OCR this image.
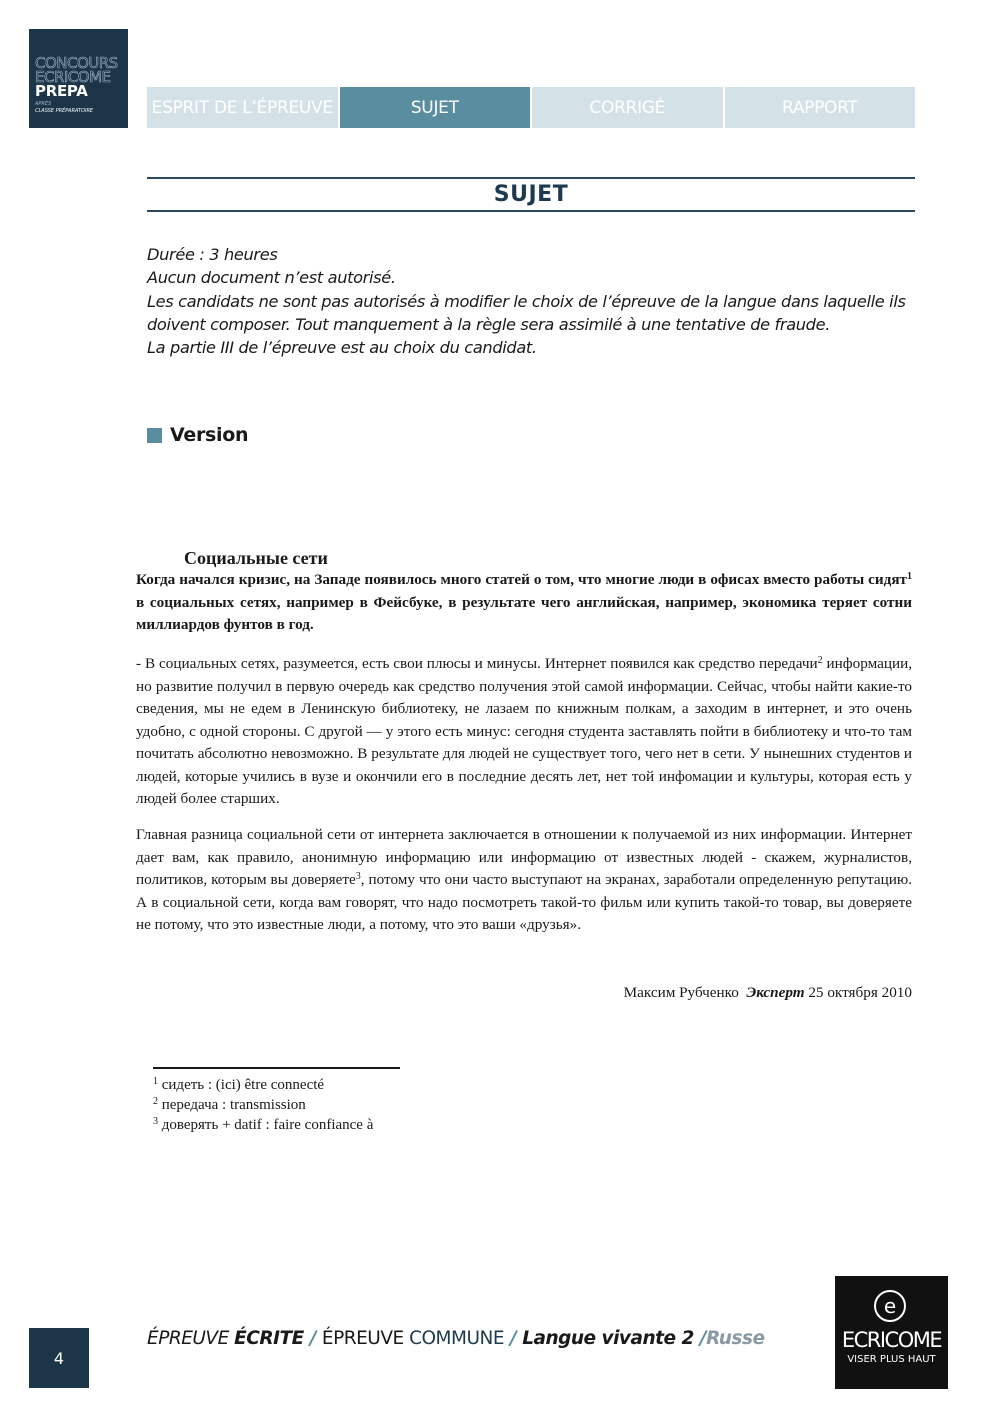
CONCOURS
ECRICOME
PREPA
APRÈS
CLASSE PRÉPARATOIRE	ESPRIT DE L’ÉPREUVE	SUJET	CORRIGÉ	RAPPORT
SUJET
Durée : 3 heures
Aucun document n’est autorisé.
Les candidats ne sont pas autorisés à modifier le choix de l’épreuve de la langue dans laquelle ils
doivent composer. Tout manquement à la règle sera assimilé à une tentative de fraude.
La partie III de l’épreuve est au choix du candidat.
Version
Социальные сети
Когда начался кризис, на Западе появилось много статей о том, что многие люди в офисах вместо работы сидят$^1$ в социальных сетях, например в Фейсбуке, в результате чего английская, например, экономика теряет сотни миллиардов фунтов в год.
- В социальных сетях, разумеется, есть свои плюсы и минусы. Интернет появился как средство передачи$^2$ информации, но развитие получил в первую очередь как средство получения этой самой информации. Сейчас, чтобы найти какие-то сведения, мы не едем в Ленинскую библиотеку, не лазаем по книжным полкам, а заходим в интернет, и это очень удобно, с одной стороны. С другой — у этого есть минус: сегодня студента заставлять пойти в библиотеку и что-то там почитать абсолютно невозможно. В результате для людей не существует того, чего нет в сети. У нынешних студентов и людей, которые учились в вузе и окончили его в последние десять лет, нет той инфомации и культуры, которая есть у людей более старших.
Главная разница социальной сети от интернета заключается в отношении к получаемой из них информации. Интернет дает вам, как правило, анонимную информацию или информацию от известных людей - скажем, журналистов, политиков, которым вы доверяете$^3$, потому что они часто выступают на экранах, заработали определенную репутацию. А в социальной сети, когда вам говорят, что надо посмотреть такой-то фильм или купить такой-то товар, вы доверяете не потому, что это известные люди, а потому, что это ваши «друзья».
Максим Рубченко Эксперт 25 октября 2010
$^1$ сидеть : (ici) être connecté
$^2$ передача : transmission
$^3$ доверять + datif : faire confiance à
4
ÉPREUVE ÉCRITE / ÉPREUVE COMMUNE / Langue vivante 2 /Russe
e
ECRICOME
VISER PLUS HAUT
